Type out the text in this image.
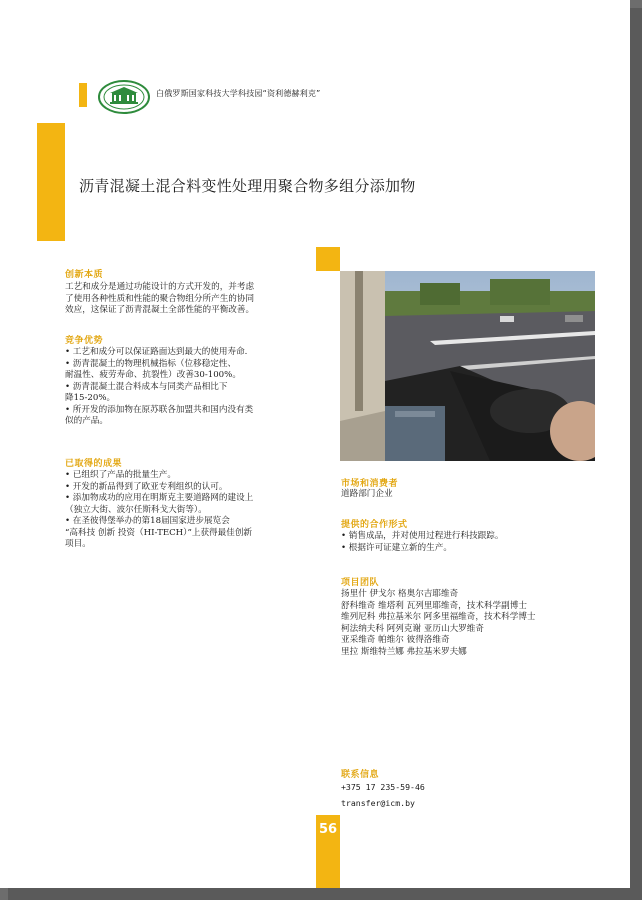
白俄罗斯国家科技大学科技园“资利德赫利克”
沥青混凝土混合料变性处理用聚合物多组分添加物
创新本质

工艺和成分是通过功能设计的方式开发的，并考虑

了使用各种性质和性能的聚合物组分所产生的协同

效应，这保证了沥青混凝土全部性能的平衡改善。

竞争优势

• 工艺和成分可以保证路面达到最大的使用寿命.

• 沥青混凝土的物理机械指标（位移稳定性、

耐温性、疲劳寿命、抗裂性）改善30-100%。

• 沥青混凝土混合料成本与同类产品相比下

降15-20%。

• 所开发的添加物在原苏联各加盟共和国内没有类

似的产品。

已取得的成果

• 已组织了产品的批量生产。

• 开发的新品得到了欧亚专利组织的认可。

• 添加物成功的应用在明斯克主要道路网的建设上

（独立大街、波尔任斯科戈大街等）。

• 在圣彼得堡举办的第18届国家进步展览会

“高科技 创新 投资（HI-TECH）”上获得最佳创新

项目。

市场和消费者

道路部门企业

提供的合作形式

• 销售成品，并对使用过程进行科技跟踪。

• 根据许可证建立新的生产。

项目团队

扬里什 伊戈尔 格奥尔吉耶维奇

舒科维奇 维塔利 瓦列里耶维奇，技术科学副博士

维列尼科 弗拉基米尔 阿多里福维奇，技术科学博士

柯法纳夫科 阿列克谢 亚历山大罗维奇

亚采维奇 帕维尔 彼得洛维奇

里拉 斯维特兰娜 弗拉基米罗夫娜

联系信息
+375 17 235-59-46
transfer@icm.by
56
